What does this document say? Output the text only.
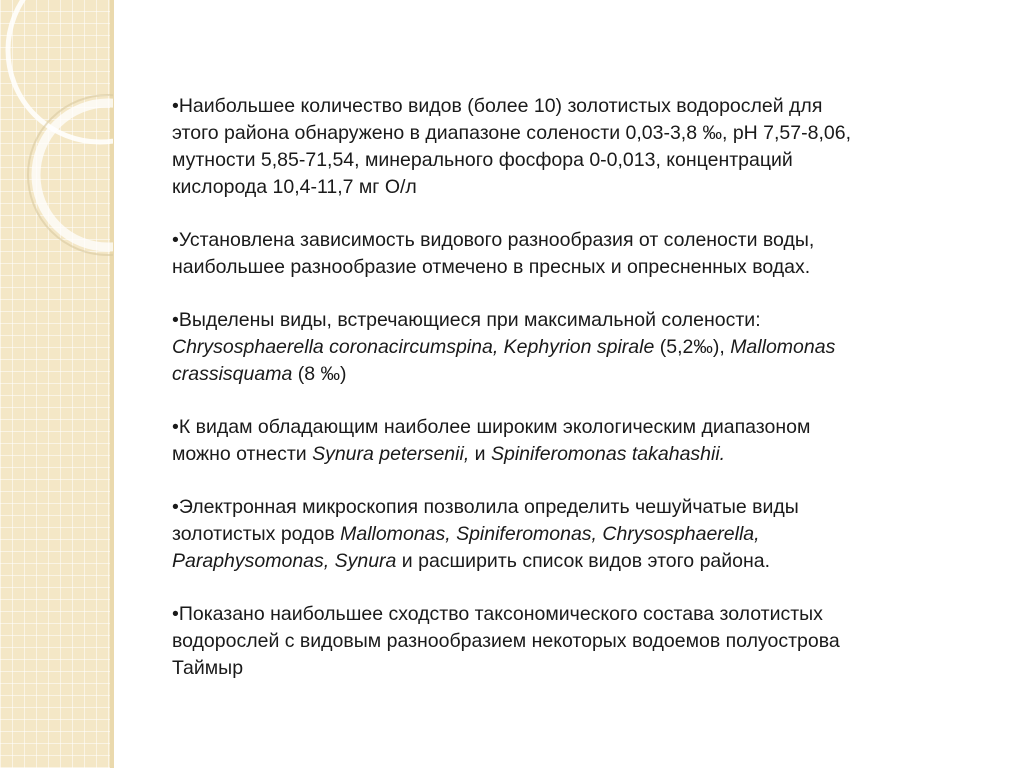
•Наибольшее количество видов (более 10) золотистых водорослей для
этого района обнаружено в диапазоне солености 0,03-3,8 ‰, рН 7,57-8,06,
мутности 5,85-71,54, минерального фосфора 0-0,013, концентраций
кислорода 10,4-11,7 мг О/л
•Установлена зависимость видового разнообразия от солености воды,
наибольшее разнообразие отмечено в пресных и опресненных водах.
•Выделены виды, встречающиеся при максимальной солености:
Chrysosphaerella coronacircumspina, Kephyrion spirale (5,2‰), Mallomonas
crassisquama (8 ‰)
•К видам обладающим наиболее широким экологическим диапазоном
можно отнести Synura petersenii, и Spiniferomonas takahashii.
•Электронная микроскопия позволила определить чешуйчатые виды
золотистых родов Mallomonas, Spiniferomonas, Chrysosphaerella,
Paraphysomonas, Synura и расширить список видов этого района.
•Показано наибольшее сходство таксономического состава золотистых
водорослей с видовым разнообразием некоторых водоемов полуострова
Таймыр
